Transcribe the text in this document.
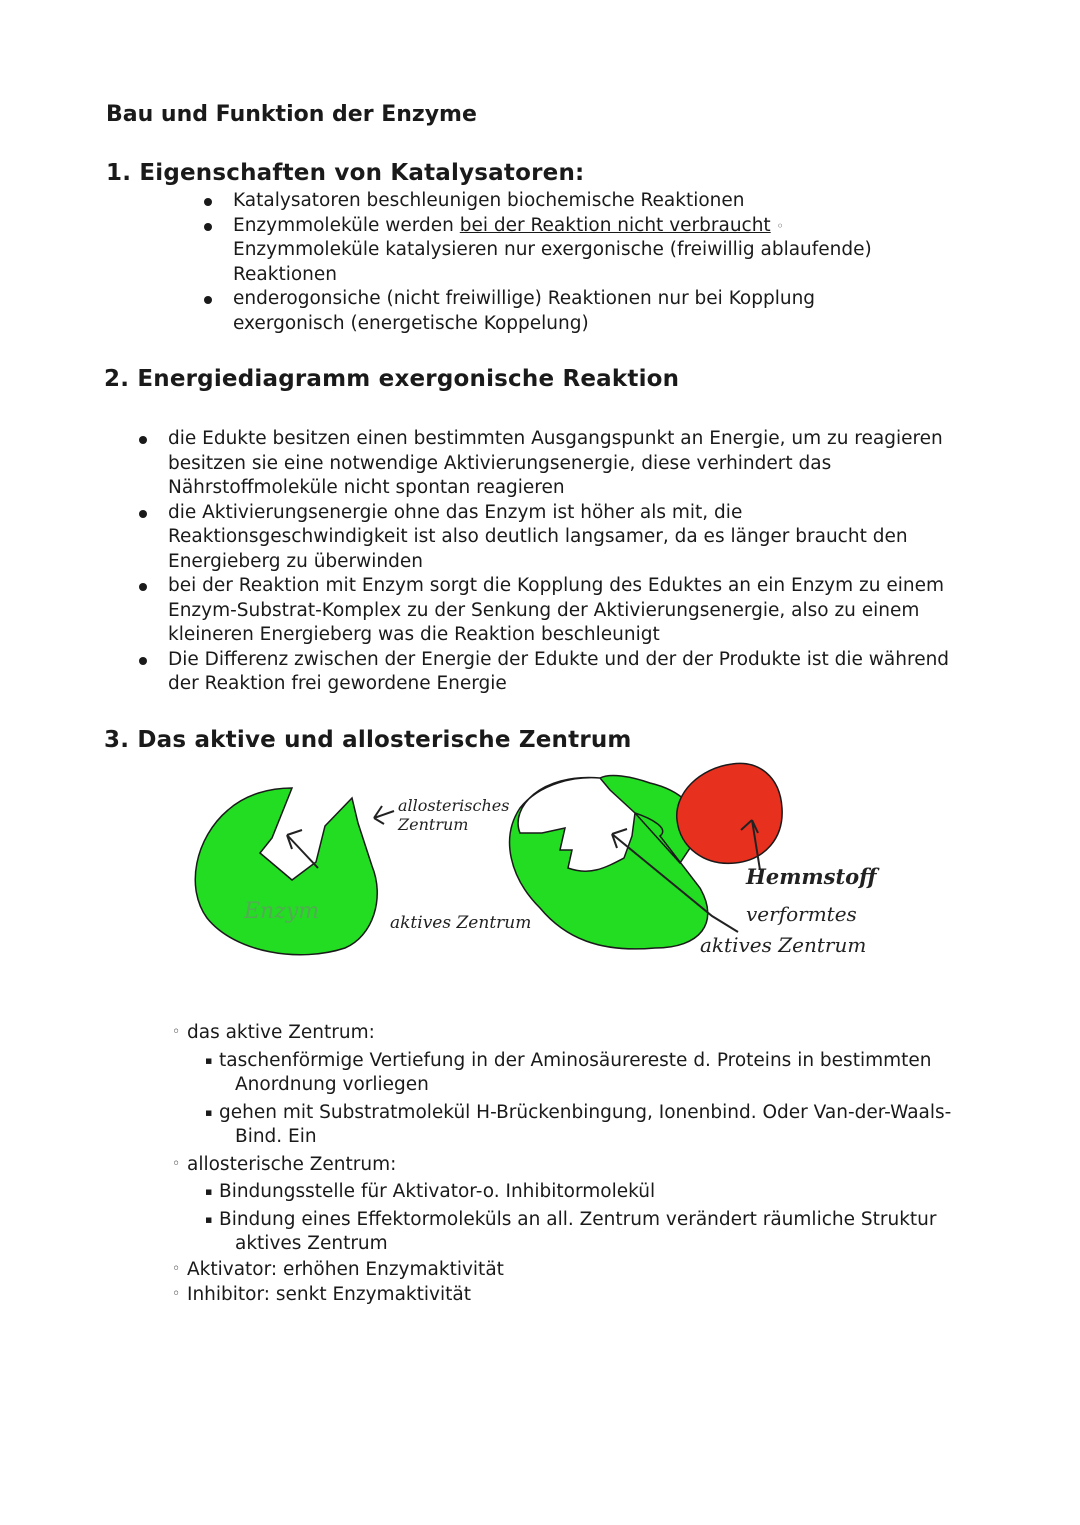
Bau und Funktion der Enzyme
1. Eigenschaften von Katalysatoren:
Katalysatoren beschleunigen biochemische Reaktionen
Enzymmoleküle werden bei der Reaktion nicht verbraucht ◦ Enzymmoleküle katalysieren nur exergonische (freiwillig ablaufende) Reaktionen
enderogonsiche (nicht freiwillige) Reaktionen nur bei Kopplung exergonisch (energetische Koppelung)
2. Energiediagramm exergonische Reaktion
die Edukte besitzen einen bestimmten Ausgangspunkt an Energie, um zu reagieren besitzen sie eine notwendige Aktivierungsenergie, diese verhindert das Nährstoffmoleküle nicht spontan reagieren
die Aktivierungsenergie ohne das Enzym ist höher als mit, die Reaktionsgeschwindigkeit ist also deutlich langsamer, da es länger braucht den Energieberg zu überwinden
bei der Reaktion mit Enzym sorgt die Kopplung des Eduktes an ein Enzym zu einem Enzym-Substrat-Komplex zu der Senkung der Aktivierungsenergie, also zu einem kleineren Energieberg was die Reaktion beschleunigt
Die Differenz zwischen der Energie der Edukte und der der Produkte ist die während der Reaktion frei gewordene Energie
3. Das aktive und allosterische Zentrum
allosterisches
Zentrum
Enzym	aktives Zentrum
Hemmstoff
verformtes
aktives Zentrum
◦ das aktive Zentrum:
▪ taschenförmige Vertiefung in der Aminosäurereste d. Proteins in bestimmten Anordnung vorliegen
▪ gehen mit Substratmolekül H-Brückenbingung, Ionenbind. Oder Van-der-Waals-Bind. Ein
◦ allosterische Zentrum:
▪ Bindungsstelle für Aktivator-o. Inhibitormolekül
▪ Bindung eines Effektormoleküls an all. Zentrum verändert räumliche Struktur aktives Zentrum
◦ Aktivator: erhöhen Enzymaktivität
◦ Inhibitor: senkt Enzymaktivität
